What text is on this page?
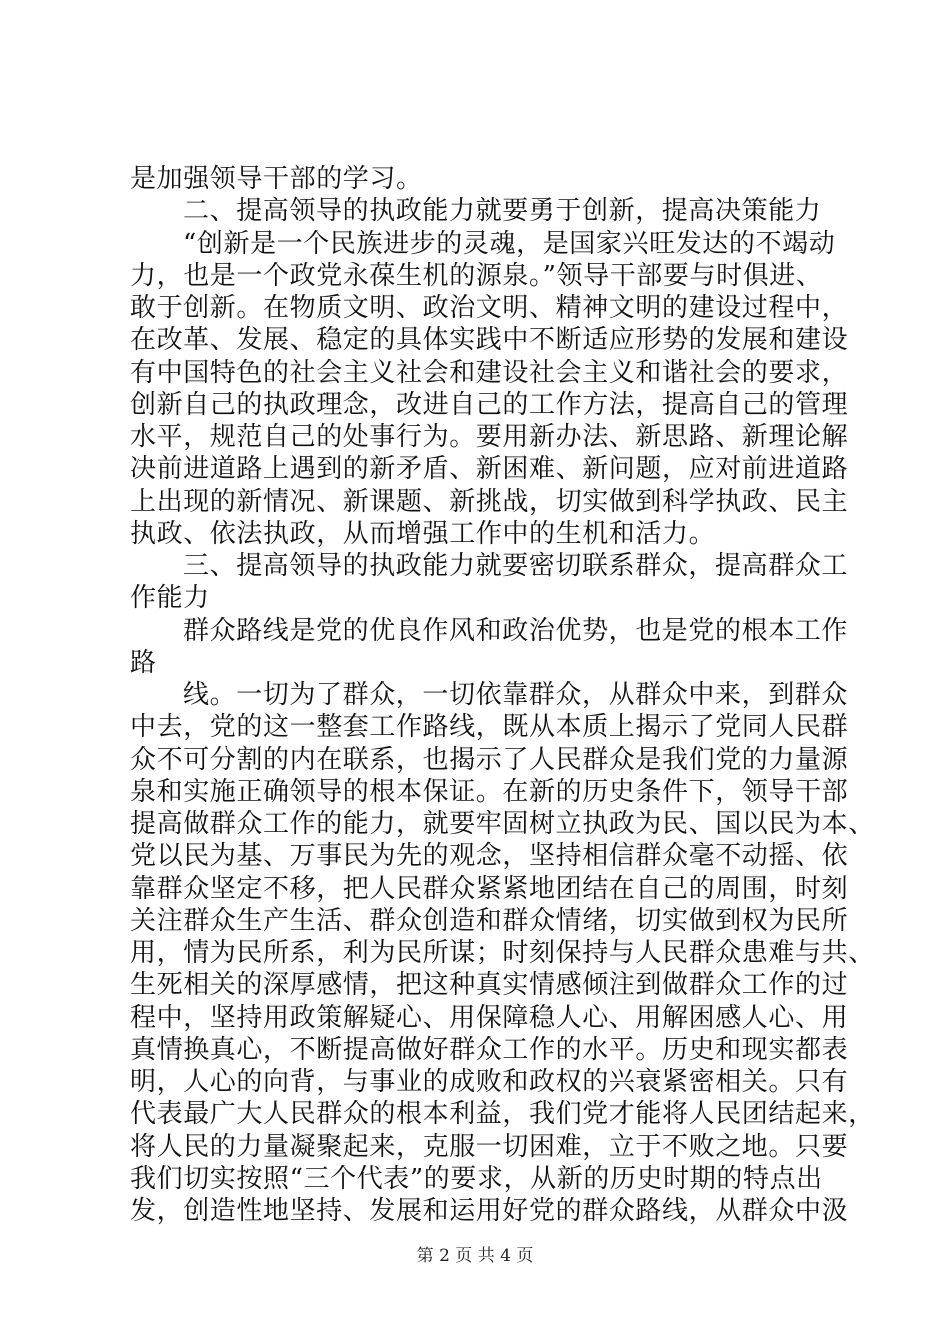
是加强领导干部的学习。
二、提高领导的执政能力就要勇于创新，提高决策能力
“创新是一个民族进步的灵魂，是国家兴旺发达的不竭动
力，也是一个政党永葆生机的源泉。”领导干部要与时俱进、
敢于创新。在物质文明、政治文明、精神文明的建设过程中，
在改革、发展、稳定的具体实践中不断适应形势的发展和建设
有中国特色的社会主义社会和建设社会主义和谐社会的要求，
创新自己的执政理念，改进自己的工作方法，提高自己的管理
水平，规范自己的处事行为。要用新办法、新思路、新理论解
决前进道路上遇到的新矛盾、新困难、新问题，应对前进道路
上出现的新情况、新课题、新挑战，切实做到科学执政、民主
执政、依法执政，从而增强工作中的生机和活力。
三、提高领导的执政能力就要密切联系群众，提高群众工
作能力
群众路线是党的优良作风和政治优势，也是党的根本工作
路
线。一切为了群众，一切依靠群众，从群众中来，到群众
中去，党的这一整套工作路线，既从本质上揭示了党同人民群
众不可分割的内在联系，也揭示了人民群众是我们党的力量源
泉和实施正确领导的根本保证。在新的历史条件下，领导干部
提高做群众工作的能力，就要牢固树立执政为民、国以民为本、
党以民为基、万事民为先的观念，坚持相信群众毫不动摇、依
靠群众坚定不移，把人民群众紧紧地团结在自己的周围，时刻
关注群众生产生活、群众创造和群众情绪，切实做到权为民所
用，情为民所系，利为民所谋；时刻保持与人民群众患难与共、
生死相关的深厚感情，把这种真实情感倾注到做群众工作的过
程中，坚持用政策解疑心、用保障稳人心、用解困感人心、用
真情换真心，不断提高做好群众工作的水平。历史和现实都表
明，人心的向背，与事业的成败和政权的兴衰紧密相关。只有
代表最广大人民群众的根本利益，我们党才能将人民团结起来，
将人民的力量凝聚起来，克服一切困难，立于不败之地。只要
我们切实按照“三个代表”的要求，从新的历史时期的特点出
发，创造性地坚持、发展和运用好党的群众路线，从群众中汲
第 2 页 共 4 页
